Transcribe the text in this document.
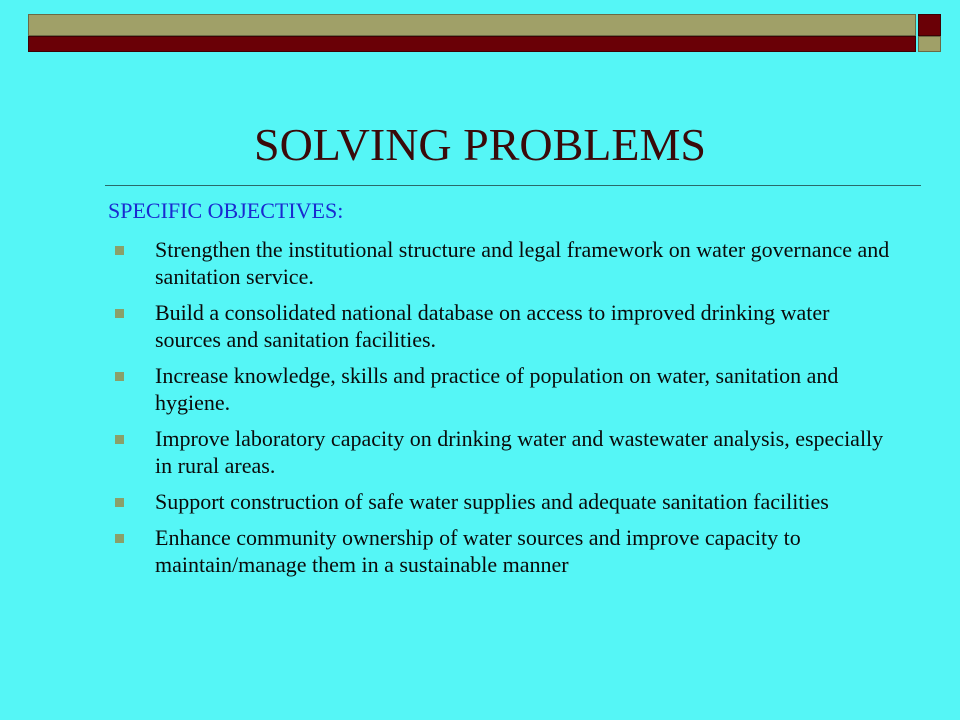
SOLVING PROBLEMS
SPECIFIC OBJECTIVES:
Strengthen the institutional structure and legal framework on water governance and sanitation service.
Build a consolidated national database on access to improved drinking water sources and sanitation facilities.
Increase knowledge, skills and practice of population on water, sanitation and hygiene.
Improve laboratory capacity on drinking water and wastewater analysis, especially in rural areas.
Support construction of safe water supplies and adequate sanitation facilities
Enhance community ownership of water sources and improve capacity to maintain/manage them in a sustainable manner
